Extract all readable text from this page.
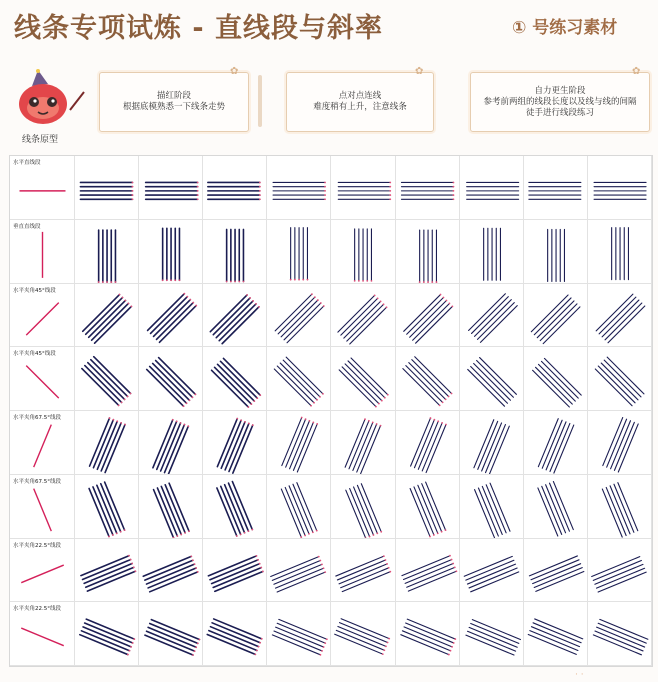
线条专项试炼 - 直线段与斜率	① 号练习素材
线条原型
描红阶段
根据底模熟悉一下线条走势
点对点连线
难度稍有上升，注意线条
自力更生阶段
参考前两组的线段长度以及线与线的间隔
徒手进行线段练习
✿	✿	✿
水平直线段
垂直直线段
水平夹角45°线段
水平夹角45°线段
水平夹角67.5°线段
水平夹角67.5°线段
水平夹角22.5°线段
水平夹角22.5°线段
· ·
